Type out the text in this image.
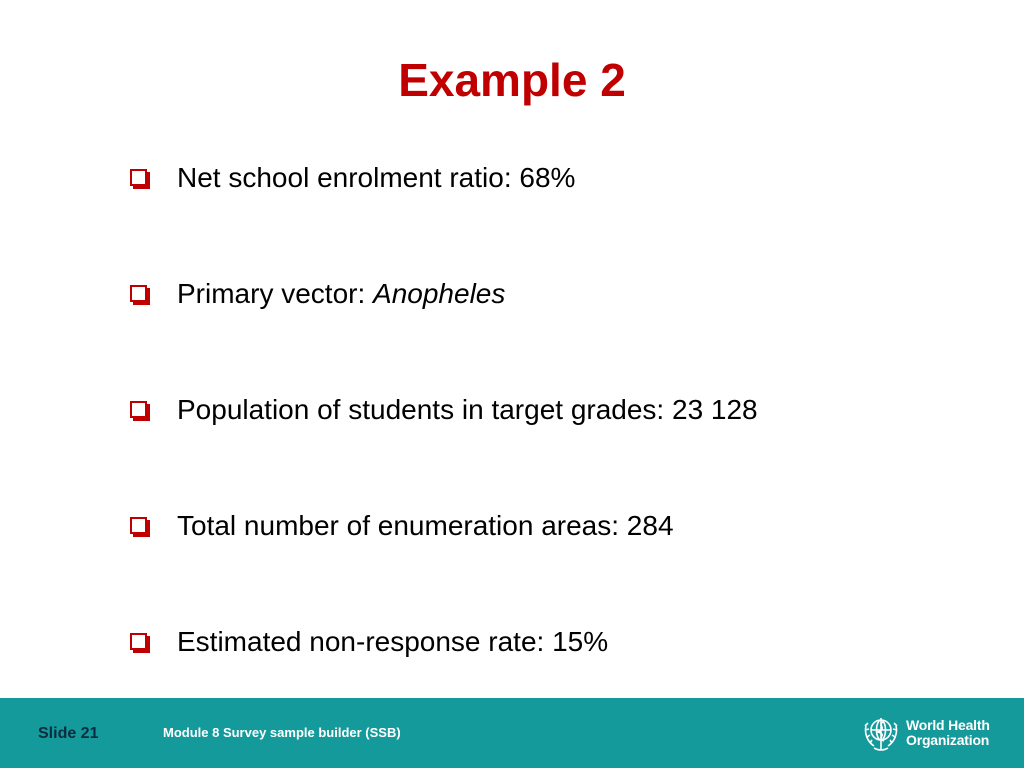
Example 2
Net school enrolment ratio: 68%
Primary vector: Anopheles
Population of students in target grades: 23 128
Total number of enumeration areas: 284
Estimated non-response rate: 15%
Slide 21	Module 8 Survey sample builder (SSB)	World Health
Organization
